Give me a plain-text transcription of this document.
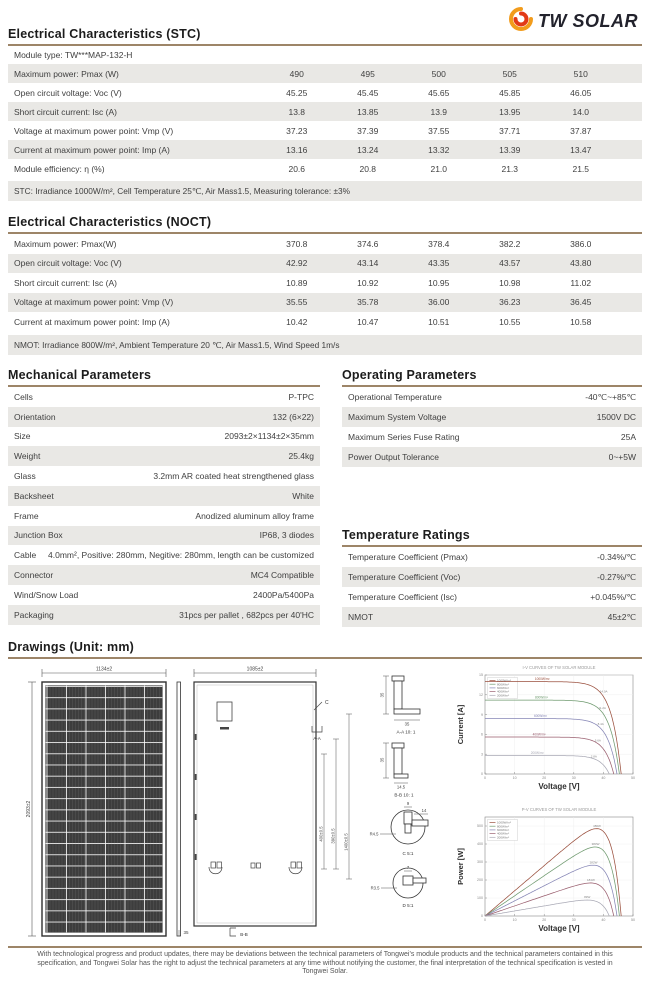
TW SOLAR
Electrical Characteristics (STC)
Module type: TW***MAP-132-H
Maximum power: Pmax (W)	490	495	500	505	510
Open circuit voltage: Voc (V)	45.25	45.45	45.65	45.85	46.05
Short circuit current: Isc (A)	13.8	13.85	13.9	13.95	14.0
Voltage at maximum power point: Vmp (V)	37.23	37.39	37.55	37.71	37.87
Current at maximum power point: Imp (A)	13.16	13.24	13.32	13.39	13.47
Module efficiency: η (%)	20.6	20.8	21.0	21.3	21.5
STC: Irradiance 1000W/m², Cell Temperature 25℃, Air Mass1.5, Measuring tolerance: ±3%
Electrical Characteristics (NOCT)
Maximum power: Pmax(W)	370.8	374.6	378.4	382.2	386.0
Open circuit voltage: Voc (V)	42.92	43.14	43.35	43.57	43.80
Short circuit current: Isc (A)	10.89	10.92	10.95	10.98	11.02
Voltage at maximum power point: Vmp (V)	35.55	35.78	36.00	36.23	36.45
Current at maximum power point: Imp (A)	10.42	10.47	10.51	10.55	10.58
NMOT: Irradiance 800W/m², Ambient Temperature 20 ℃, Air Mass1.5, Wind Speed 1m/s
Mechanical Parameters
Cells	P-TPC
Orientation	132 (6×22)
Size	2093±2×1134±2×35mm
Weight	25.4kg
Glass	3.2mm AR coated heat strengthened glass
Backsheet	White
Frame	Anodized aluminum alloy frame
Junction Box	IP68, 3 diodes
Cable 4.0mm², Positive: 280mm, Negitive: 280mm, length can be customized
Connector	MC4 Compatible
Wind/Snow Load	2400Pa/5400Pa
Packaging	31pcs per pallet , 682pcs per 40'HC
Operating Parameters
Operational Temperature	-40℃~+85℃
Maximum System Voltage	1500V DC
Maximum Series Fuse Rating	25A
Power Output Tolerance	0~+5W
Temperature Ratings
Temperature Coefficient (Pmax)	-0.34%/℃
Temperature Coefficient (Voc)	-0.27%/℃
Temperature Coefficient (Isc)	+0.045%/℃
NMOT	45±2℃
Drawings (Unit: mm)
1134±2
2093±2
35
1085±2
C
A-A
400±0.5 390±0.5 1400±0.5
B-B
35
35
A-A 10: 1
35
14.5
B-B 10: 1
9
14
R4.5
C 5:1
7
R3.5
D 5:1
I-V CURVES OF TW SOLAR MODULE
0	10	20	30	40	50
0
3
6
9
12
15
Voltage [V]
Current [A]
1000W/m²
800W/m²
600W/m²
400W/m²
200W/m²
1000W/m²
14.0A
800W/m²
11.2A
600W/m²
8.4A
400W/m²
5.6A
200W/m²
2.8A
P-V CURVES OF TW SOLAR MODULE
0	10	20	30	40	50
0
100
200
300
400
500
Voltage [V]
Power [W]
1000W/m²
800W/m²
600W/m²
400W/m²
200W/m²
486W
383W
282W
184W
89W
With technological progress and product updates, there may be deviations between the technical parameters of Tongwei's module products and the technical parameters contained in this specification, and Tongwei Solar has the right to adjust the technical parameters at any time without notifying the customer, the final interpretation of the technical specification is vested in Tongwei Solar.
